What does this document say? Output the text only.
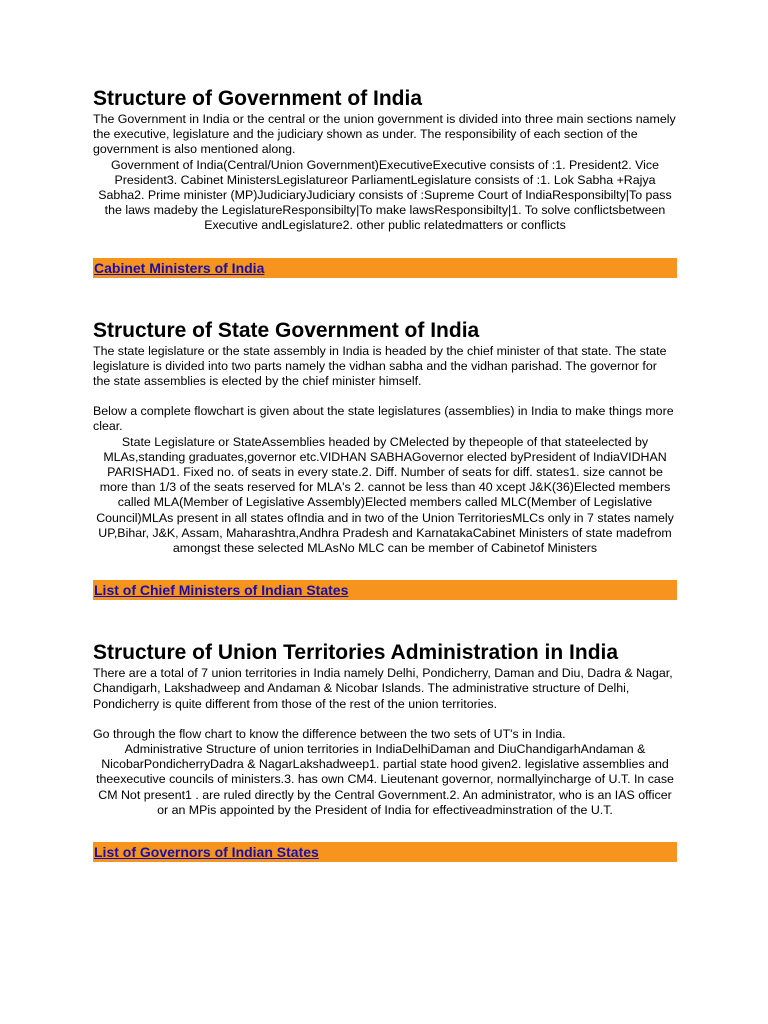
Structure of Government of India

The Government in India or the central or the union government is divided into three main sections namely the executive, legislature and the judiciary shown as under. The responsibility of each section of the government is also mentioned along.

Government of India(Central/Union Government)ExecutiveExecutive consists of :1. President2. Vice President3. Cabinet MinistersLegislatureor ParliamentLegislature consists of :1. Lok Sabha +Rajya Sabha2. Prime minister (MP)JudiciaryJudiciary consists of :Supreme Court of IndiaResponsibilty|To pass the laws madeby the LegislatureResponsibilty|To make lawsResponsibilty|1. To solve conflictsbetween Executive andLegislature2. other public relatedmatters or conflicts

Cabinet Ministers of India
Structure of State Government of India

The state legislature or the state assembly in India is headed by the chief minister of that state. The state legislature is divided into two parts namely the vidhan sabha and the vidhan parishad. The governor for the state assemblies is elected by the chief minister himself.

Below a complete flowchart is given about the state legislatures (assemblies) in India to make things more clear.

State Legislature or StateAssemblies headed by CMelected by thepeople of that stateelected by MLAs,standing graduates,governor etc.VIDHAN SABHAGovernor elected byPresident of IndiaVIDHAN PARISHAD1. Fixed no. of seats in every state.2. Diff. Number of seats for diff. states1. size cannot be more than 1/3 of the seats reserved for MLA's 2. cannot be less than 40 xcept J&K(36)Elected members called MLA(Member of Legislative Assembly)Elected members called MLC(Member of Legislative Council)MLAs present in all states ofIndia and in two of the Union TerritoriesMLCs only in 7 states namely UP,Bihar, J&K, Assam, Maharashtra,Andhra Pradesh and KarnatakaCabinet Ministers of state madefrom amongst these selected MLAsNo MLC can be member of Cabinetof Ministers

List of Chief Ministers of Indian States
Structure of Union Territories Administration in India

There are a total of 7 union territories in India namely Delhi, Pondicherry, Daman and Diu, Dadra & Nagar, Chandigarh, Lakshadweep and Andaman & Nicobar Islands. The administrative structure of Delhi, Pondicherry is quite different from those of the rest of the union territories.

Go through the flow chart to know the difference between the two sets of UT's in India.

Administrative Structure of union territories in IndiaDelhiDaman and DiuChandigarhAndaman & NicobarPondicherryDadra & NagarLakshadweep1. partial state hood given2. legislative assemblies and theexecutive councils of ministers.3. has own CM4. Lieutenant governor, normallyincharge of U.T. In case CM Not present1 . are ruled directly by the Central Government.2. An administrator, who is an IAS officer or an MPis appointed by the President of India for effectiveadminstration of the U.T.

List of Governors of Indian States
